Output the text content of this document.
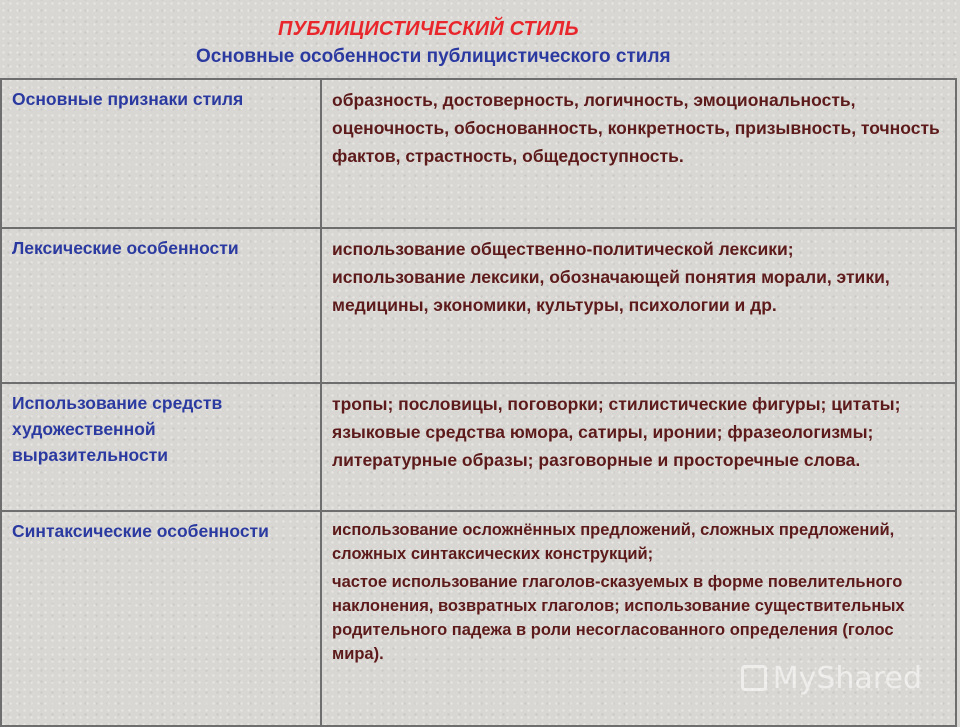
ПУБЛИЦИСТИЧЕСКИЙ СТИЛЬ
Основные особенности публицистического стиля
Основные признаки стиля	образность, достоверность, логичность, эмоциональность, оценочность, обоснованность, конкретность, призывность, точность фактов, страстность, общедоступность.

Лексические особенности	использование общественно-политической лексики;

использование лексики, обозначающей понятия морали, этики, медицины, экономики, культуры, психологии и др.

Использование средств художественной выразительности	тропы; пословицы, поговорки; стилистические фигуры; цитаты; языковые средства юмора, сатиры, иронии; фразеологизмы; литературные образы; разговорные и просторечные слова.

Синтаксические особенности	использование осложнённых предложений, сложных предложений, сложных синтаксических конструкций;

частое использование глаголов-сказуемых в форме повелительного наклонения, возвратных глаголов; использование существительных родительного падежа в роли несогласованного определения (голос мира).

MyShared
